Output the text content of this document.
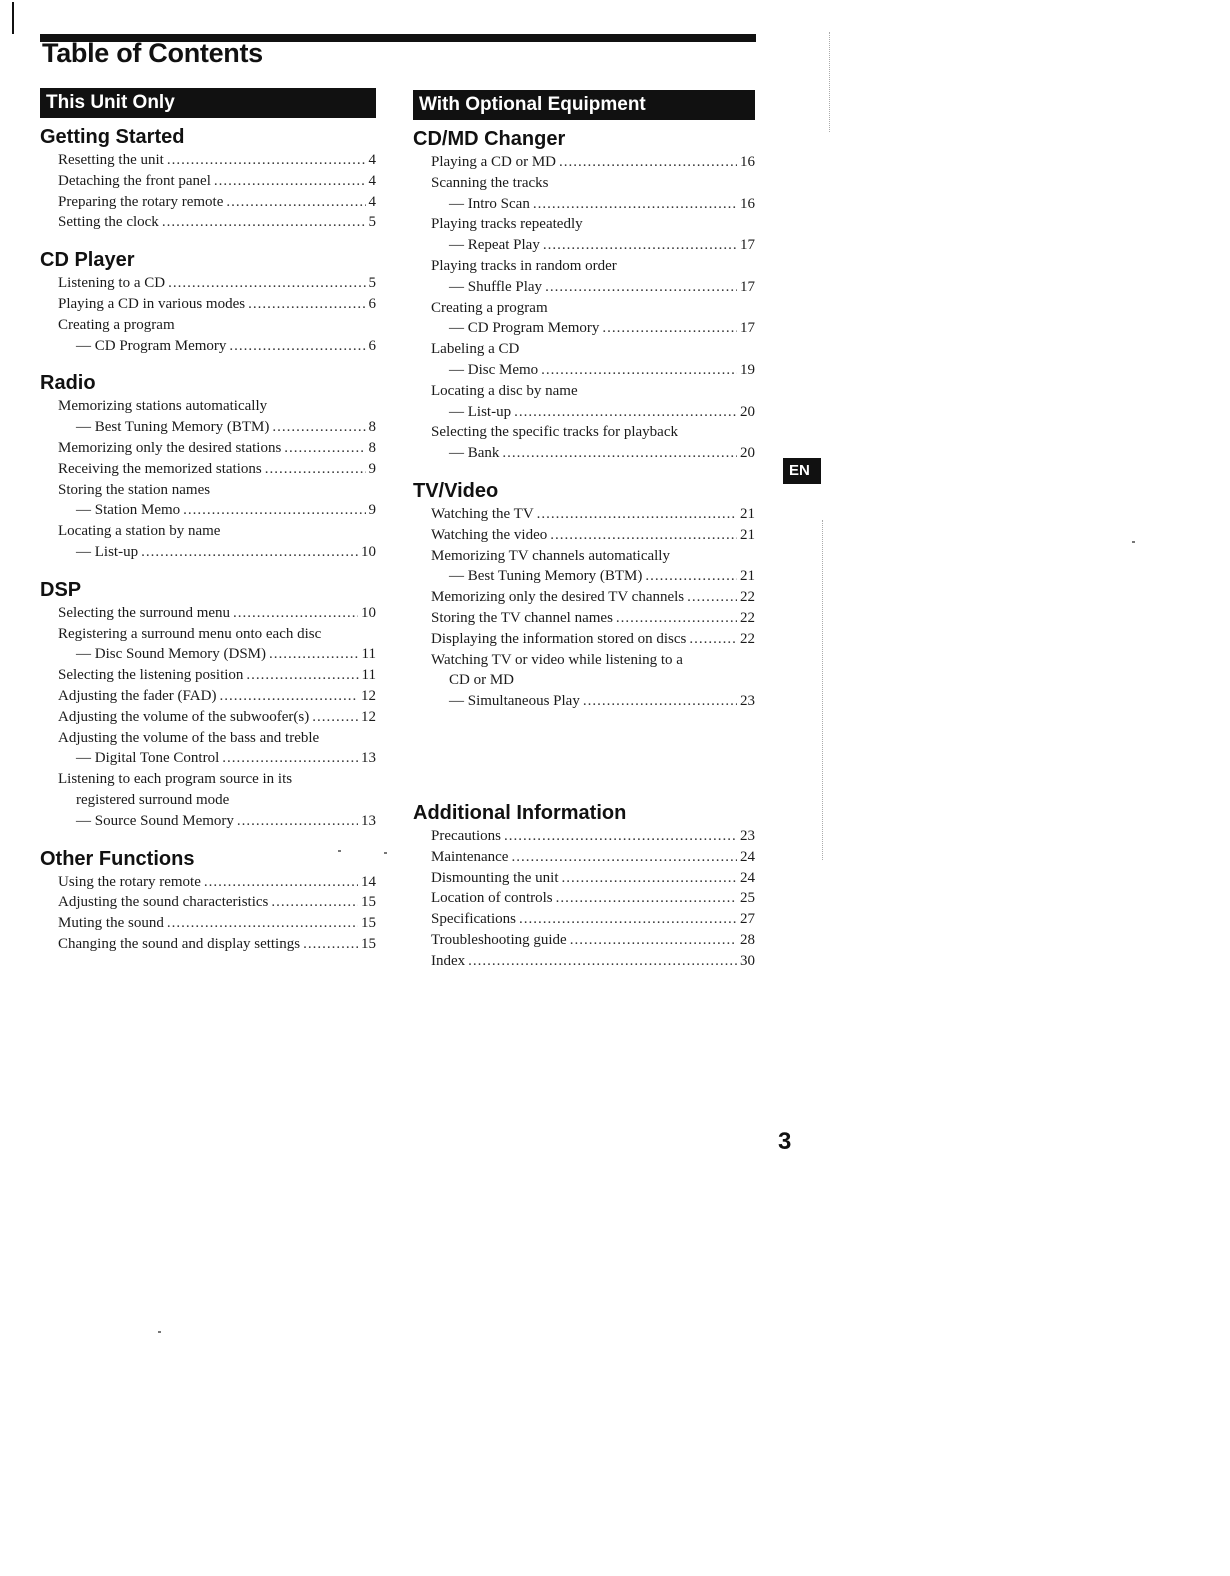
Table of Contents
This Unit Only
Getting Started
Resetting the unit .....	4
Detaching the front panel .....	4
Preparing the rotary remote .....	4
Setting the clock .....	5
CD Player
Listening to a CD .....	5
Playing a CD in various modes .....	6
Creating a program
— CD Program Memory .....	6
Radio
Memorizing stations automatically
— Best Tuning Memory (BTM) .....	8
Memorizing only the desired stations .....	8
Receiving the memorized stations .....	9
Storing the station names
— Station Memo .....	9
Locating a station by name
— List-up .....	10
DSP
Selecting the surround menu .....	10
Registering a surround menu onto each disc
— Disc Sound Memory (DSM) .....	11
Selecting the listening position .....	11
Adjusting the fader (FAD) .....	12
Adjusting the volume of the subwoofer(s) .....	12
Adjusting the volume of the bass and treble
— Digital Tone Control .....	13
Listening to each program source in its
registered surround mode
— Source Sound Memory .....	13
Other Functions
Using the rotary remote .....	14
Adjusting the sound characteristics .....	15
Muting the sound .....	15
Changing the sound and display settings .....	15
With Optional Equipment
CD/MD Changer
Playing a CD or MD .....	16
Scanning the tracks
— Intro Scan .....	16
Playing tracks repeatedly
— Repeat Play .....	17
Playing tracks in random order
— Shuffle Play .....	17
Creating a program
— CD Program Memory .....	17
Labeling a CD
— Disc Memo .....	19
Locating a disc by name
— List-up .....	20
Selecting the specific tracks for playback
— Bank .....	20
TV/Video
Watching the TV .....	21
Watching the video .....	21
Memorizing TV channels automatically
— Best Tuning Memory (BTM) .....	21
Memorizing only the desired TV channels .....	22
Storing the TV channel names .....	22
Displaying the information stored on discs .....	22
Watching TV or video while listening to a
CD or MD
— Simultaneous Play .....	23
Additional Information
Precautions .....	23
Maintenance .....	24
Dismounting the unit .....	24
Location of controls .....	25
Specifications .....	27
Troubleshooting guide .....	28
Index .....	30
EN
3
